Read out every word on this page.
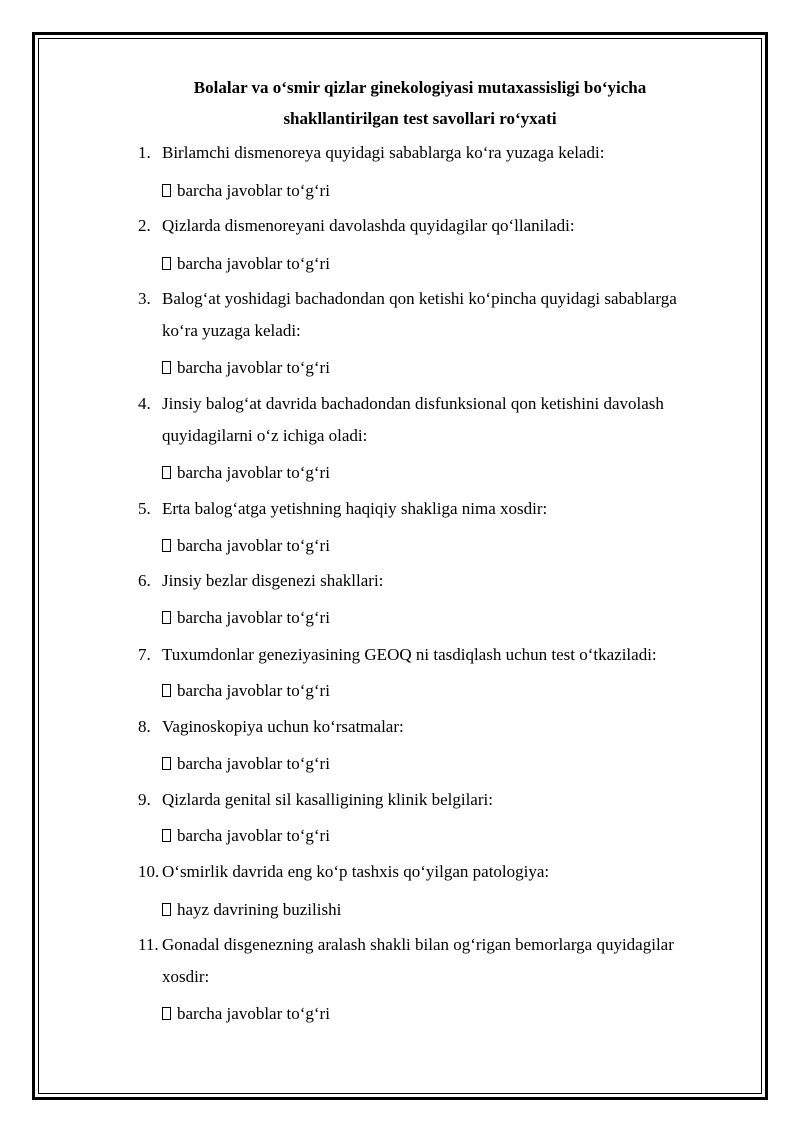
Bolalar va o‘smir qizlar ginekologiyasi mutaxassisligi bo‘yicha
shakllantirilgan test savollari ro‘yxati
1. Birlamchi dismenoreya quyidagi sabablarga ko‘ra yuzaga keladi:
barcha javoblar to‘g‘ri
2. Qizlarda dismenoreyani davolashda quyidagilar qo‘llaniladi:
barcha javoblar to‘g‘ri
3. Balog‘at yoshidagi bachadondan qon ketishi ko‘pincha quyidagi sabablarga
ko‘ra yuzaga keladi:
barcha javoblar to‘g‘ri
4. Jinsiy balog‘at davrida bachadondan disfunksional qon ketishini davolash
quyidagilarni o‘z ichiga oladi:
barcha javoblar to‘g‘ri
5. Erta balog‘atga yetishning haqiqiy shakliga nima xosdir:
barcha javoblar to‘g‘ri
6. Jinsiy bezlar disgenezi shakllari:
barcha javoblar to‘g‘ri
7. Tuxumdonlar geneziyasining GEOQ ni tasdiqlash uchun test o‘tkaziladi:
barcha javoblar to‘g‘ri
8. Vaginoskopiya uchun ko‘rsatmalar:
barcha javoblar to‘g‘ri
9. Qizlarda genital sil kasalligining klinik belgilari:
barcha javoblar to‘g‘ri
10. O‘smirlik davrida eng ko‘p tashxis qo‘yilgan patologiya:
hayz davrining buzilishi
11. Gonadal disgenezning aralash shakli bilan og‘rigan bemorlarga quyidagilar
xosdir:
barcha javoblar to‘g‘ri
